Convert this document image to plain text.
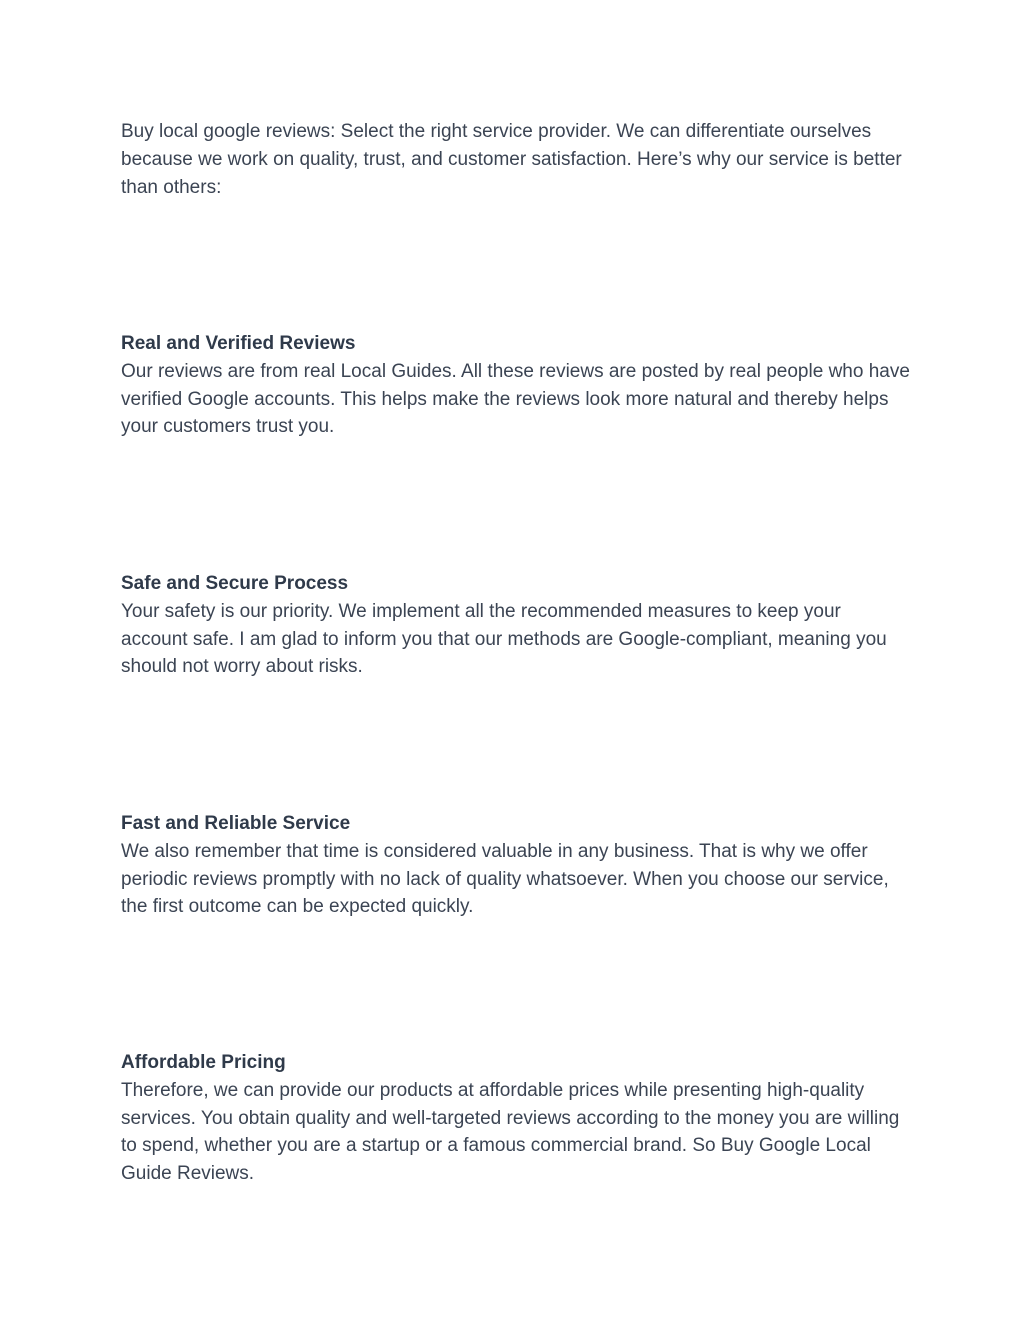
Buy local google reviews: Select the right service provider. We can differentiate ourselves because we work on quality, trust, and customer satisfaction. Here’s why our service is better than others:

Real and Verified Reviews

Our reviews are from real Local Guides. All these reviews are posted by real people who have verified Google accounts. This helps make the reviews look more natural and thereby helps your customers trust you.

Safe and Secure Process

Your safety is our priority. We implement all the recommended measures to keep your account safe. I am glad to inform you that our methods are Google-compliant, meaning you should not worry about risks.

Fast and Reliable Service

We also remember that time is considered valuable in any business. That is why we offer periodic reviews promptly with no lack of quality whatsoever. When you choose our service, the first outcome can be expected quickly.

Affordable Pricing

Therefore, we can provide our products at affordable prices while presenting high-quality services. You obtain quality and well-targeted reviews according to the money you are willing to spend, whether you are a startup or a famous commercial brand. So Buy Google Local Guide Reviews.
